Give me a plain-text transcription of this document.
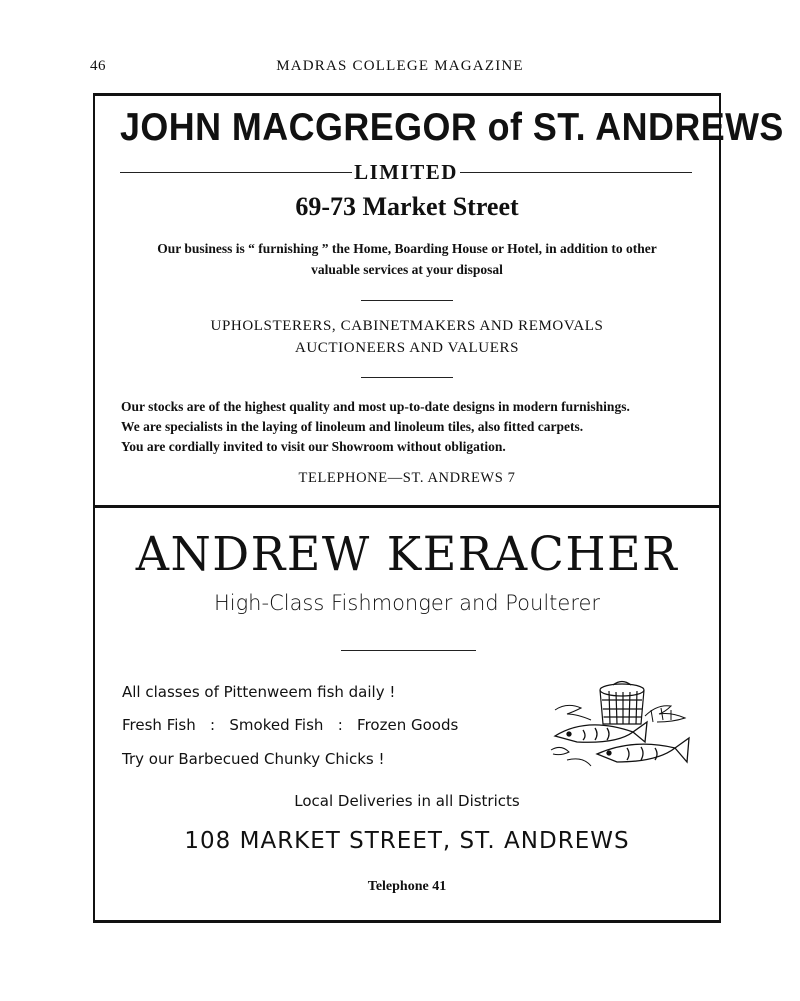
46	MADRAS COLLEGE MAGAZINE
JOHN MACGREGOR of ST. ANDREWS
LIMITED
69-73 Market Street
Our business is “ furnishing ” the Home, Boarding House or Hotel, in addition to other
valuable services at your disposal
UPHOLSTERERS, CABINETMAKERS AND REMOVALS
AUCTIONEERS AND VALUERS
Our stocks are of the highest quality and most up-to-date designs in modern furnishings.
We are specialists in the laying of linoleum and linoleum tiles, also fitted carpets.
You are cordially invited to visit our Showroom without obligation.
TELEPHONE—ST. ANDREWS 7
ANDREW KERACHER
High-Class Fishmonger and Poulterer
All classes of Pittenweem fish daily !
Fresh Fish   :   Smoked Fish   :   Frozen Goods
Try our Barbecued Chunky Chicks !
Local Deliveries in all Districts
108 MARKET STREET, ST. ANDREWS
Telephone 41
